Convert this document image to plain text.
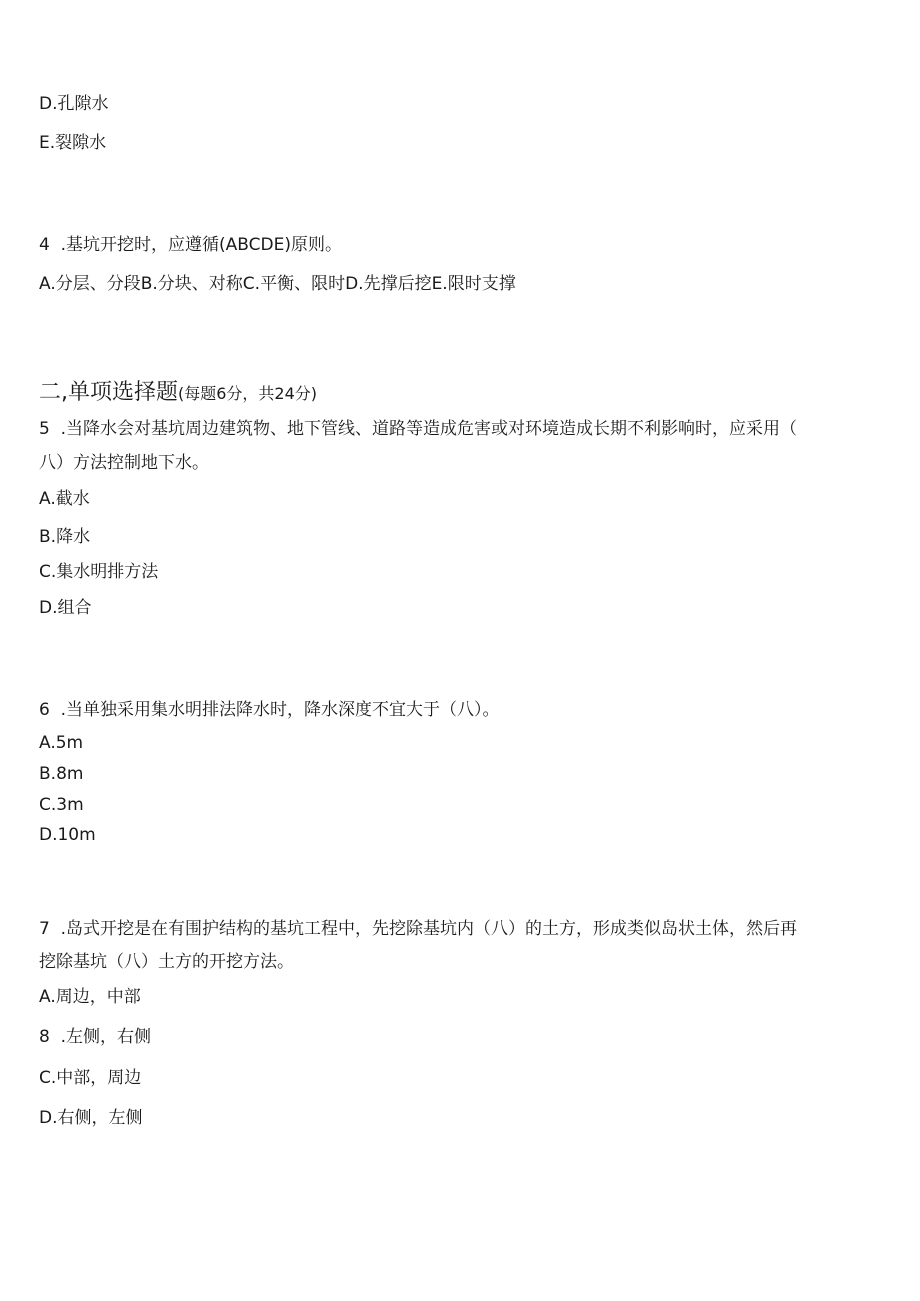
D.孔隙水
E.裂隙水
4  .基坑开挖时，应遵循(ABCDE)原则。
A.分层、分段B.分块、对称C.平衡、限时D.先撑后挖E.限时支撑
二,单项选择题(每题6分，共24分)
5  .当降水会对基坑周边建筑物、地下管线、道路等造成危害或对环境造成长期不利影响时，应采用（
八）方法控制地下水。
A.截水
B.降水
C.集水明排方法
D.组合
6  .当单独采用集水明排法降水时，降水深度不宜大于（八）。
A.5m
B.8m
C.3m
D.10m
7  .岛式开挖是在有围护结构的基坑工程中，先挖除基坑内（八）的土方，形成类似岛状土体，然后再
挖除基坑（八）土方的开挖方法。
A.周边，中部
8  .左侧，右侧
C.中部，周边
D.右侧，左侧
